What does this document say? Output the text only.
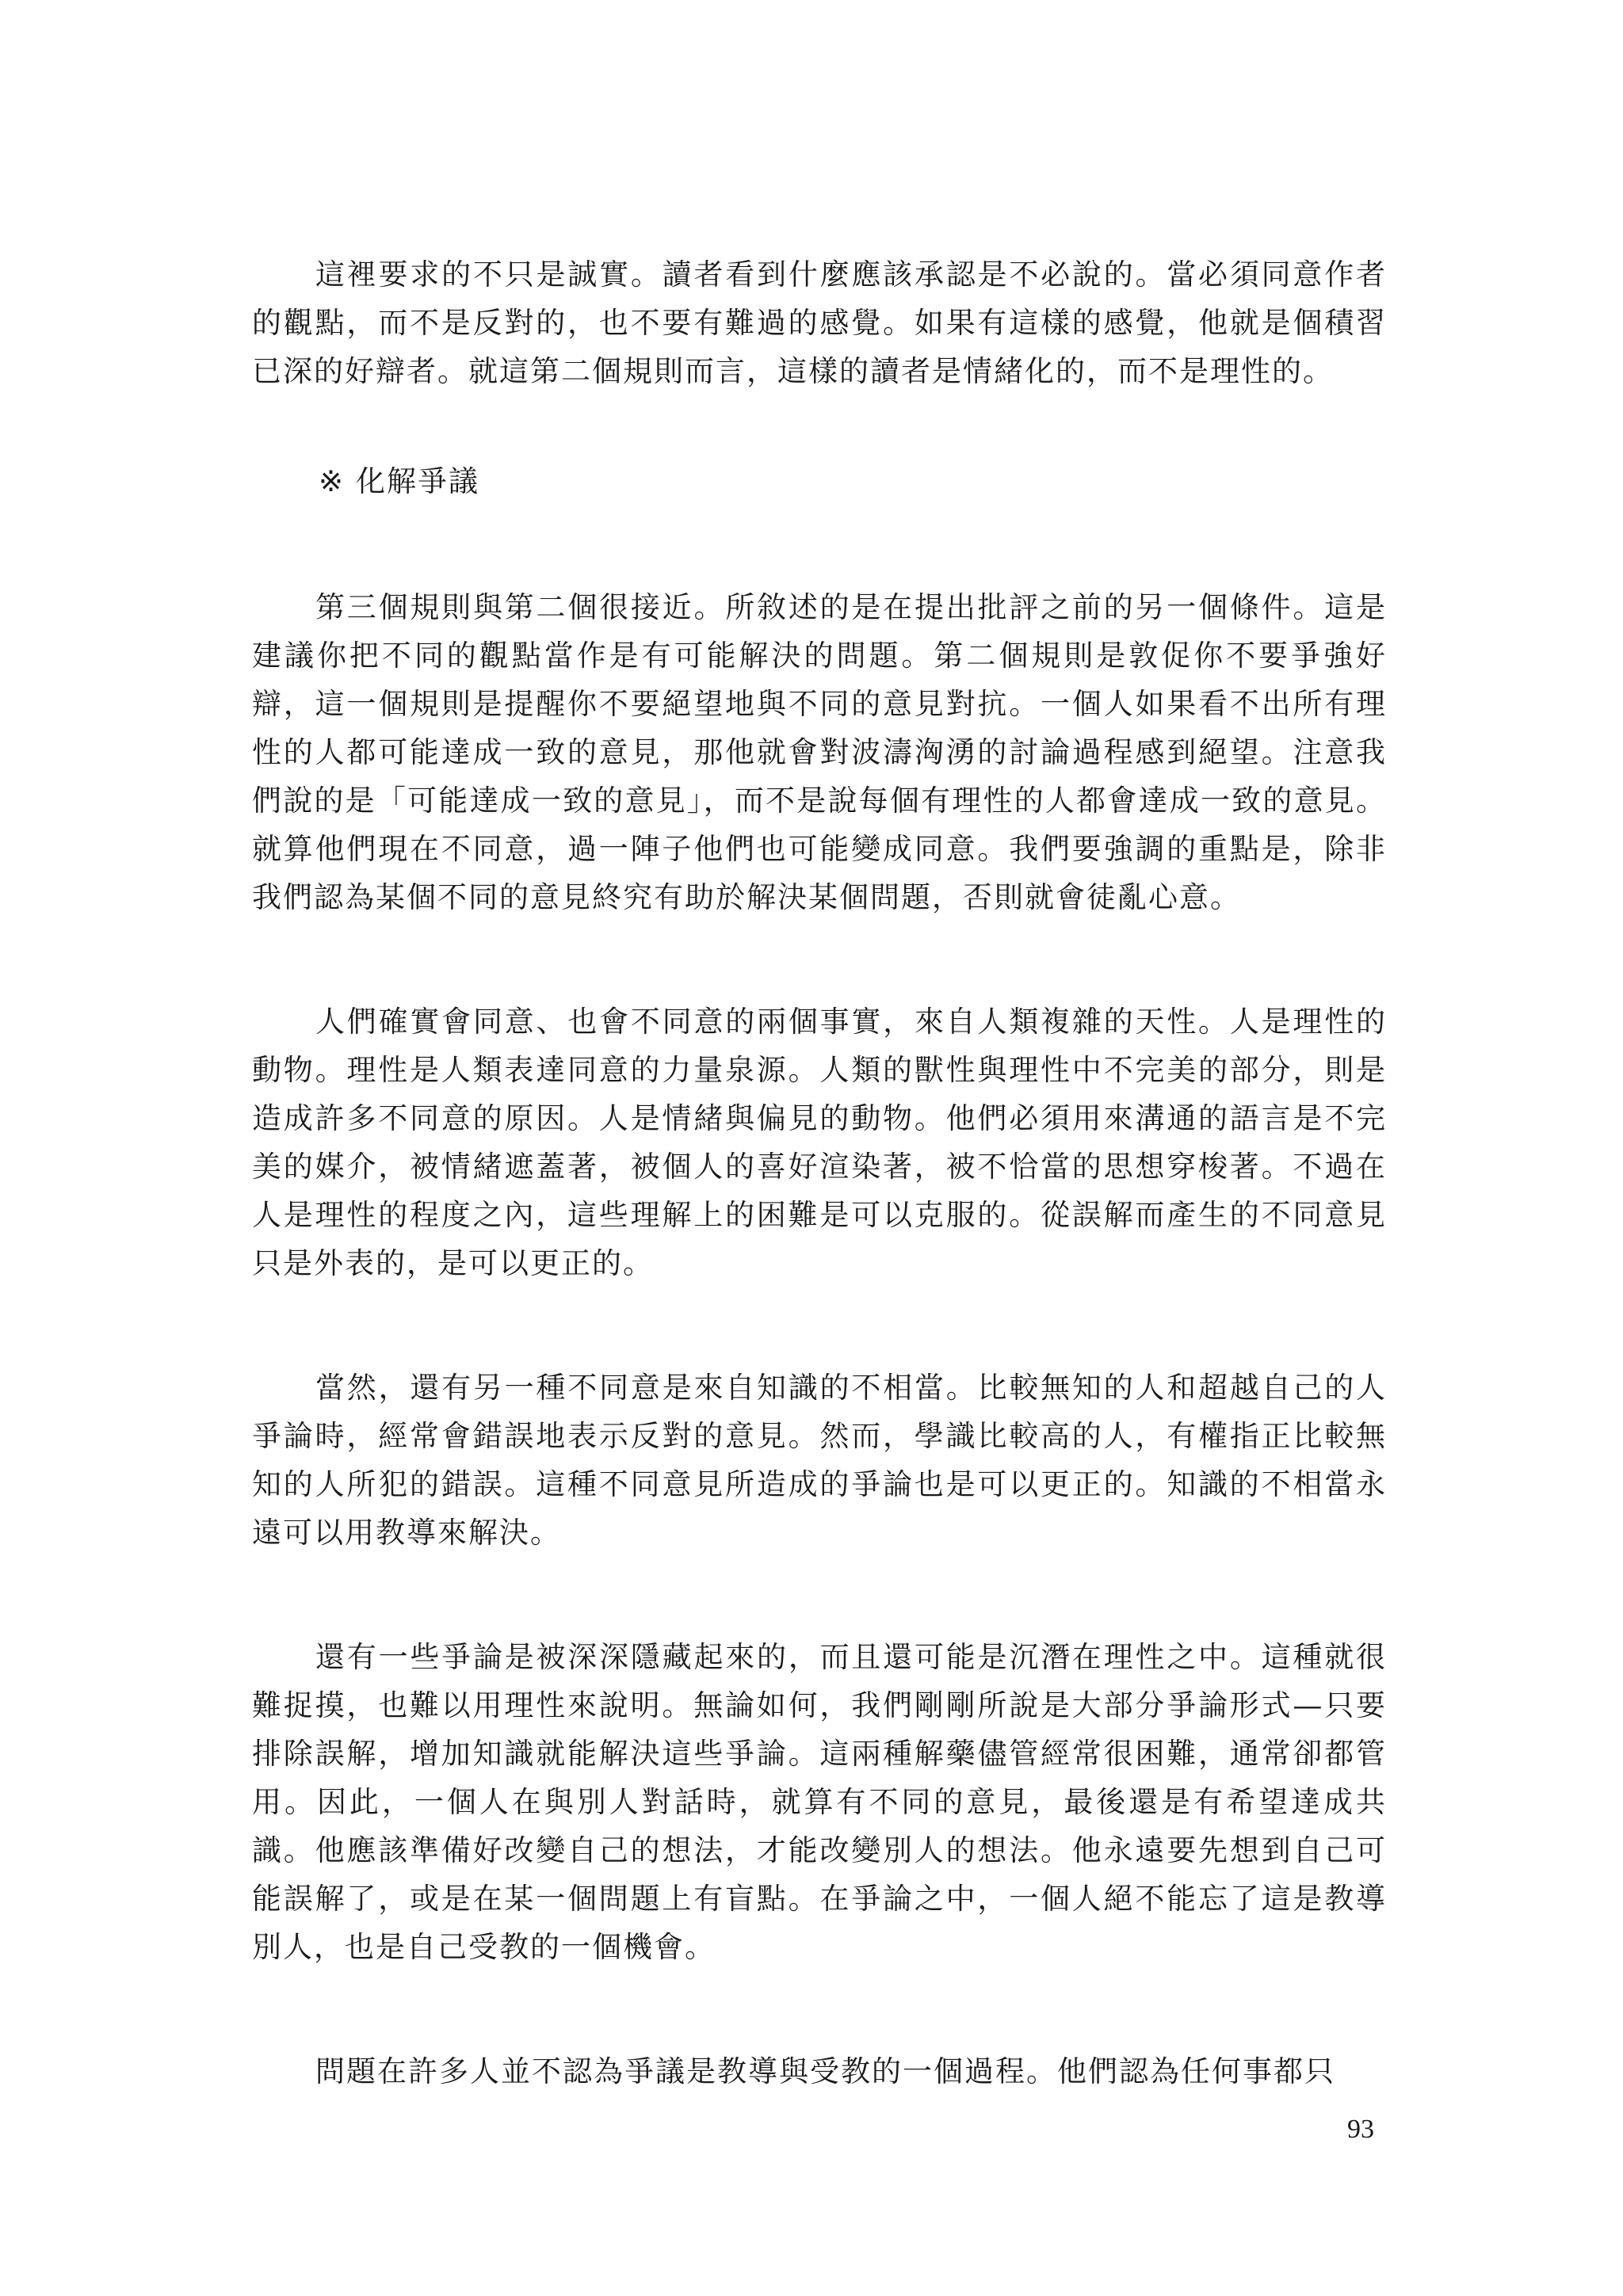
這裡要求的不只是誠實。讀者看到什麼應該承認是不必說的。當必須同意作者的觀點，而不是反對的，也不要有難過的感覺。如果有這樣的感覺，他就是個積習已深的好辯者。就這第二個規則而言，這樣的讀者是情緒化的，而不是理性的。

※ 化解爭議

第三個規則與第二個很接近。所敘述的是在提出批評之前的另一個條件。這是建議你把不同的觀點當作是有可能解決的問題。第二個規則是敦促你不要爭強好辯，這一個規則是提醒你不要絕望地與不同的意見對抗。一個人如果看不出所有理性的人都可能達成一致的意見，那他就會對波濤洶湧的討論過程感到絕望。注意我們說的是「可能達成一致的意見」，而不是說每個有理性的人都會達成一致的意見。就算他們現在不同意，過一陣子他們也可能變成同意。我們要強調的重點是，除非我們認為某個不同的意見終究有助於解決某個問題，否則就會徒亂心意。

人們確實會同意、也會不同意的兩個事實，來自人類複雜的天性。人是理性的動物。理性是人類表達同意的力量泉源。人類的獸性與理性中不完美的部分，則是造成許多不同意的原因。人是情緒與偏見的動物。他們必須用來溝通的語言是不完美的媒介，被情緒遮蓋著，被個人的喜好渲染著，被不恰當的思想穿梭著。不過在人是理性的程度之內，這些理解上的困難是可以克服的。從誤解而產生的不同意見只是外表的，是可以更正的。

當然，還有另一種不同意是來自知識的不相當。比較無知的人和超越自己的人爭論時，經常會錯誤地表示反對的意見。然而，學識比較高的人，有權指正比較無知的人所犯的錯誤。這種不同意見所造成的爭論也是可以更正的。知識的不相當永遠可以用教導來解決。

還有一些爭論是被深深隱藏起來的，而且還可能是沉潛在理性之中。這種就很難捉摸，也難以用理性來說明。無論如何，我們剛剛所說是大部分爭論形式—只要排除誤解，增加知識就能解決這些爭論。這兩種解藥儘管經常很困難，通常卻都管用。因此，一個人在與別人對話時，就算有不同的意見，最後還是有希望達成共識。他應該準備好改變自己的想法，才能改變別人的想法。他永遠要先想到自己可能誤解了，或是在某一個問題上有盲點。在爭論之中，一個人絕不能忘了這是教導別人，也是自己受教的一個機會。

問題在許多人並不認為爭議是教導與受教的一個過程。他們認為任何事都只

93
